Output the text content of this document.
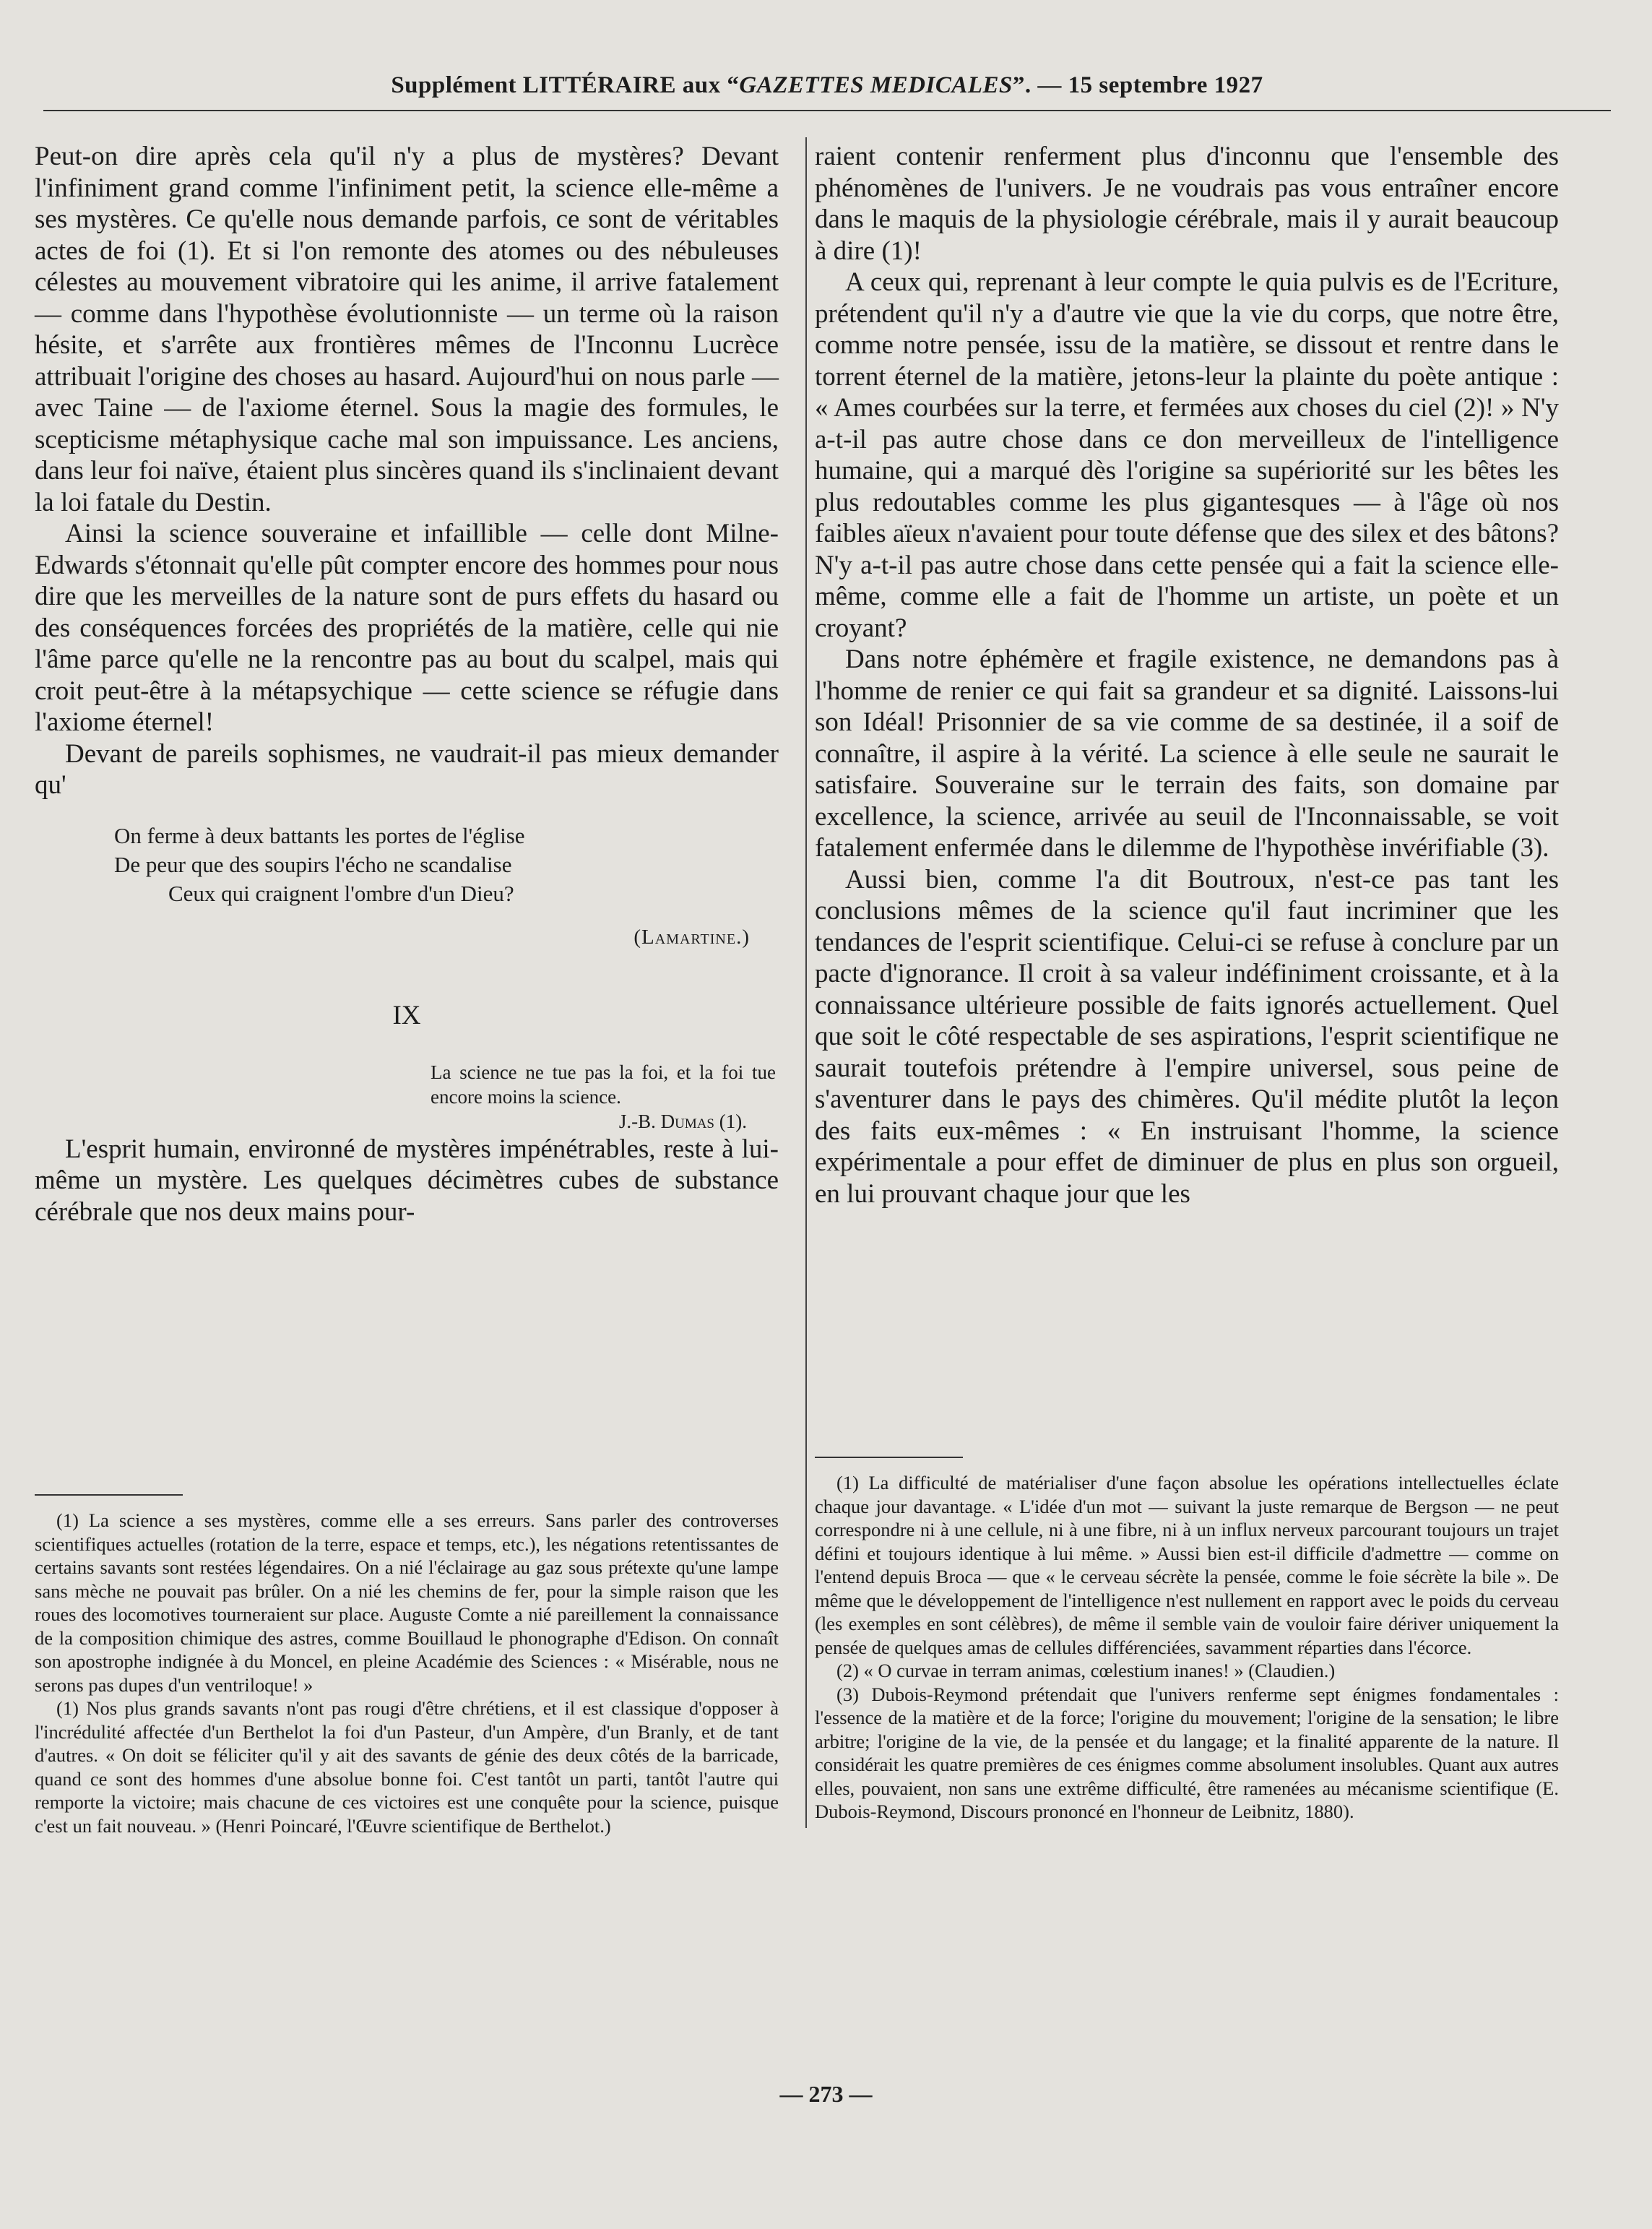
Supplément LITTÉRAIRE aux “GAZETTES MEDICALES”. — 15 septembre 1927

Peut-on dire après cela qu'il n'y a plus de mystères? Devant l'infiniment grand comme l'infiniment petit, la science elle-même a ses mystères. Ce qu'elle nous demande parfois, ce sont de véritables actes de foi (1). Et si l'on remonte des atomes ou des nébuleuses célestes au mouvement vibratoire qui les anime, il arrive fatalement — comme dans l'hypothèse évolutionniste — un terme où la raison hésite, et s'arrête aux frontières mêmes de l'Inconnu Lucrèce attribuait l'origine des choses au hasard. Aujourd'hui on nous parle — avec Taine — de l'axiome éternel. Sous la magie des formules, le scepticisme métaphysique cache mal son impuissance. Les anciens, dans leur foi naïve, étaient plus sincères quand ils s'inclinaient devant la loi fatale du Destin.

Ainsi la science souveraine et infaillible — celle dont Milne-Edwards s'étonnait qu'elle pût compter encore des hommes pour nous dire que les merveilles de la nature sont de purs effets du hasard ou des conséquences forcées des propriétés de la matière, celle qui nie l'âme parce qu'elle ne la rencontre pas au bout du scalpel, mais qui croit peut-être à la métapsychique — cette science se réfugie dans l'axiome éternel!

Devant de pareils sophismes, ne vaudrait-il pas mieux demander qu'

On ferme à deux battants les portes de l'église
De peur que des soupirs l'écho ne scandalise
Ceux qui craignent l'ombre d'un Dieu?
(Lamartine.)
IX
La science ne tue pas la foi, et la foi tue encore moins la science.
J.-B. Dumas (1).

L'esprit humain, environné de mystères impénétrables, reste à lui-même un mystère. Les quelques décimètres cubes de substance cérébrale que nos deux mains pour-

raient contenir renferment plus d'inconnu que l'ensemble des phénomènes de l'univers. Je ne voudrais pas vous entraîner encore dans le maquis de la physiologie cérébrale, mais il y aurait beaucoup à dire (1)!

A ceux qui, reprenant à leur compte le quia pulvis es de l'Ecriture, prétendent qu'il n'y a d'autre vie que la vie du corps, que notre être, comme notre pensée, issu de la matière, se dissout et rentre dans le torrent éternel de la matière, jetons-leur la plainte du poète antique : « Ames courbées sur la terre, et fermées aux choses du ciel (2)! » N'y a-t-il pas autre chose dans ce don merveilleux de l'intelligence humaine, qui a marqué dès l'origine sa supériorité sur les bêtes les plus redoutables comme les plus gigantesques — à l'âge où nos faibles aïeux n'avaient pour toute défense que des silex et des bâtons? N'y a-t-il pas autre chose dans cette pensée qui a fait la science elle-même, comme elle a fait de l'homme un artiste, un poète et un croyant?

Dans notre éphémère et fragile existence, ne demandons pas à l'homme de renier ce qui fait sa grandeur et sa dignité. Laissons-lui son Idéal! Prisonnier de sa vie comme de sa destinée, il a soif de connaître, il aspire à la vérité. La science à elle seule ne saurait le satisfaire. Souveraine sur le terrain des faits, son domaine par excellence, la science, arrivée au seuil de l'Inconnaissable, se voit fatalement enfermée dans le dilemme de l'hypothèse invérifiable (3).

Aussi bien, comme l'a dit Boutroux, n'est-ce pas tant les conclusions mêmes de la science qu'il faut incriminer que les tendances de l'esprit scientifique. Celui-ci se refuse à conclure par un pacte d'ignorance. Il croit à sa valeur indéfiniment croissante, et à la connaissance ultérieure possible de faits ignorés actuellement. Quel que soit le côté respectable de ses aspirations, l'esprit scientifique ne saurait toutefois prétendre à l'empire universel, sous peine de s'aventurer dans le pays des chimères. Qu'il médite plutôt la leçon des faits eux-mêmes : « En instruisant l'homme, la science expérimentale a pour effet de diminuer de plus en plus son orgueil, en lui prouvant chaque jour que les

(1) La science a ses mystères, comme elle a ses erreurs. Sans parler des controverses scientifiques actuelles (rotation de la terre, espace et temps, etc.), les négations retentissantes de certains savants sont restées légendaires. On a nié l'éclairage au gaz sous prétexte qu'une lampe sans mèche ne pouvait pas brûler. On a nié les chemins de fer, pour la simple raison que les roues des locomotives tourneraient sur place. Auguste Comte a nié pareillement la connaissance de la composition chimique des astres, comme Bouillaud le phonographe d'Edison. On connaît son apostrophe indignée à du Moncel, en pleine Académie des Sciences : « Misérable, nous ne serons pas dupes d'un ventriloque! »

(1) Nos plus grands savants n'ont pas rougi d'être chrétiens, et il est classique d'opposer à l'incrédulité affectée d'un Berthelot la foi d'un Pasteur, d'un Ampère, d'un Branly, et de tant d'autres. « On doit se féliciter qu'il y ait des savants de génie des deux côtés de la barricade, quand ce sont des hommes d'une absolue bonne foi. C'est tantôt un parti, tantôt l'autre qui remporte la victoire; mais chacune de ces victoires est une conquête pour la science, puisque c'est un fait nouveau. » (Henri Poincaré, l'Œuvre scientifique de Berthelot.)

(1) La difficulté de matérialiser d'une façon absolue les opérations intellectuelles éclate chaque jour davantage. « L'idée d'un mot — suivant la juste remarque de Bergson — ne peut correspondre ni à une cellule, ni à une fibre, ni à un influx nerveux parcourant toujours un trajet défini et toujours identique à lui même. » Aussi bien est-il difficile d'admettre — comme on l'entend depuis Broca — que « le cerveau sécrète la pensée, comme le foie sécrète la bile ». De même que le développement de l'intelligence n'est nullement en rapport avec le poids du cerveau (les exemples en sont célèbres), de même il semble vain de vouloir faire dériver uniquement la pensée de quelques amas de cellules différenciées, savamment réparties dans l'écorce.

(2) « O curvae in terram animas, cœlestium inanes! » (Claudien.)

(3) Dubois-Reymond prétendait que l'univers renferme sept énigmes fondamentales : l'essence de la matière et de la force; l'origine du mouvement; l'origine de la sensation; le libre arbitre; l'origine de la vie, de la pensée et du langage; et la finalité apparente de la nature. Il considérait les quatre premières de ces énigmes comme absolument insolubles. Quant aux autres elles, pouvaient, non sans une extrême difficulté, être ramenées au mécanisme scientifique (E. Dubois-Reymond, Discours prononcé en l'honneur de Leibnitz, 1880).

— 273 —
